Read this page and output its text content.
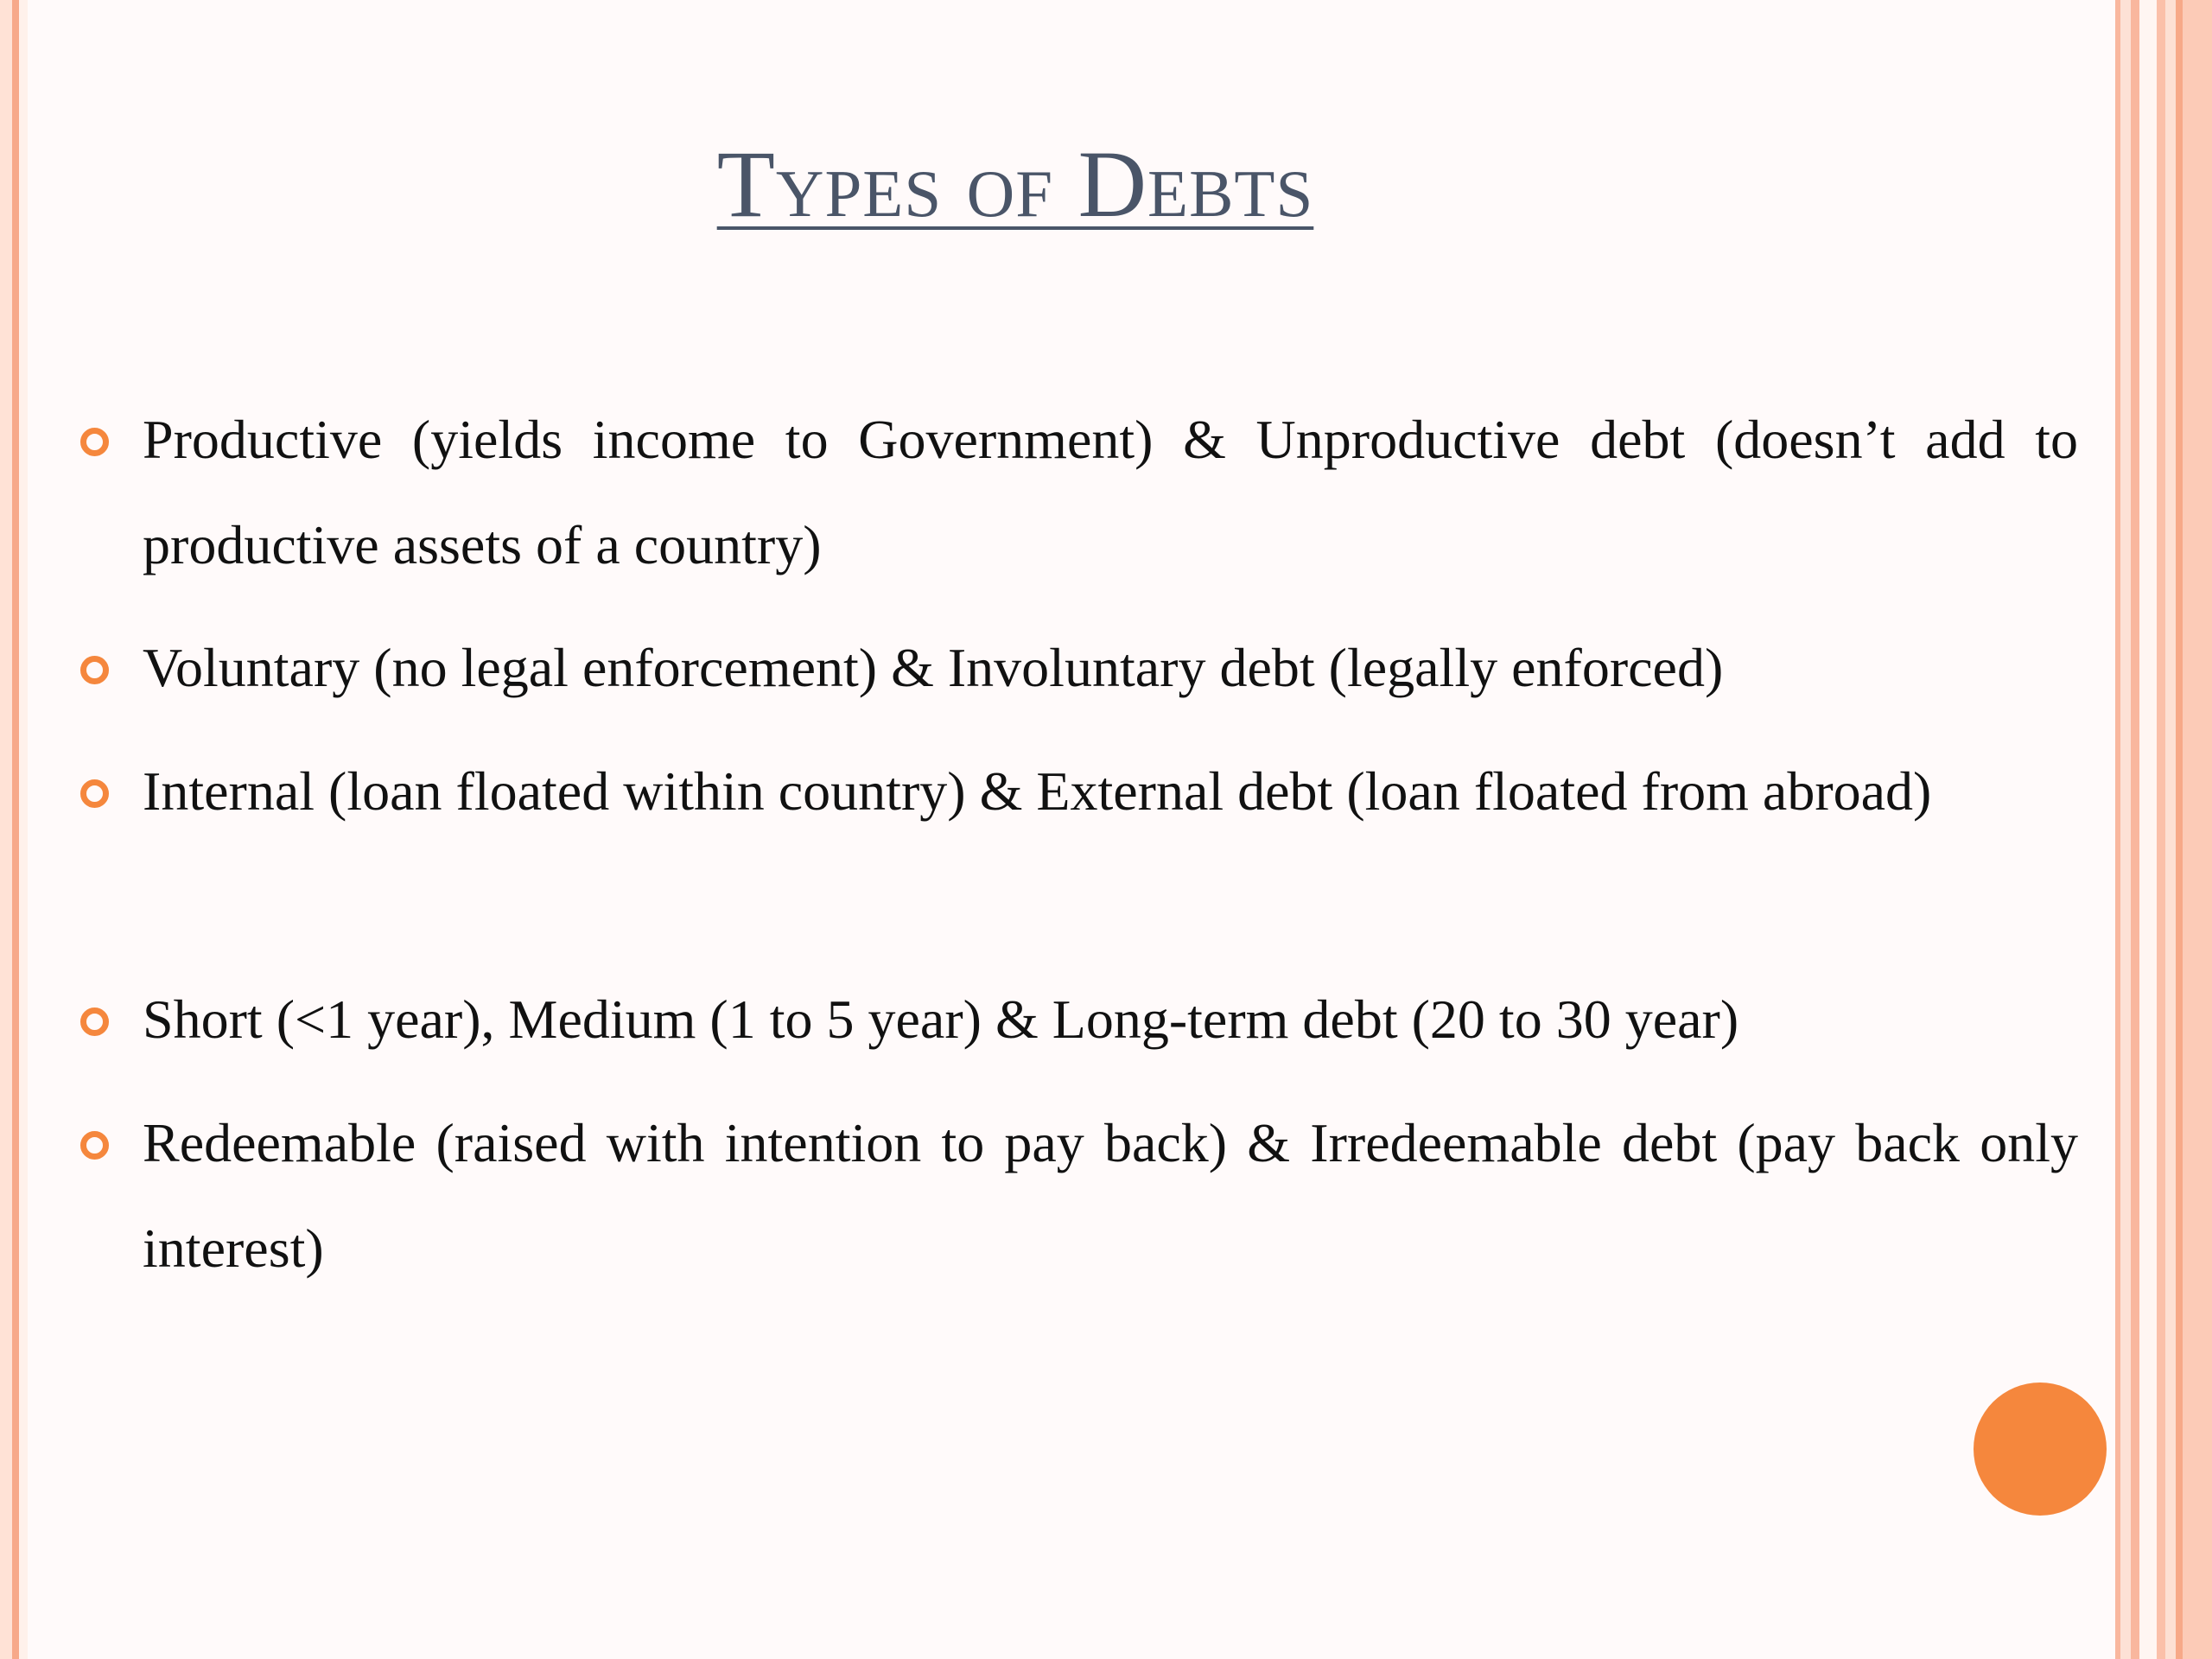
Types of Debts
Productive (yields income to Government) & Unproductive debt (doesn’t add to productive assets of a country)
Voluntary (no legal enforcement) & Involuntary debt (legally enforced)
Internal (loan floated within country) & External debt (loan floated from abroad)
Short (<1 year), Medium (1 to 5 year) & Long-term debt (20 to 30 year)
Redeemable (raised with intention to pay back) & Irredeemable debt (pay back only interest)
